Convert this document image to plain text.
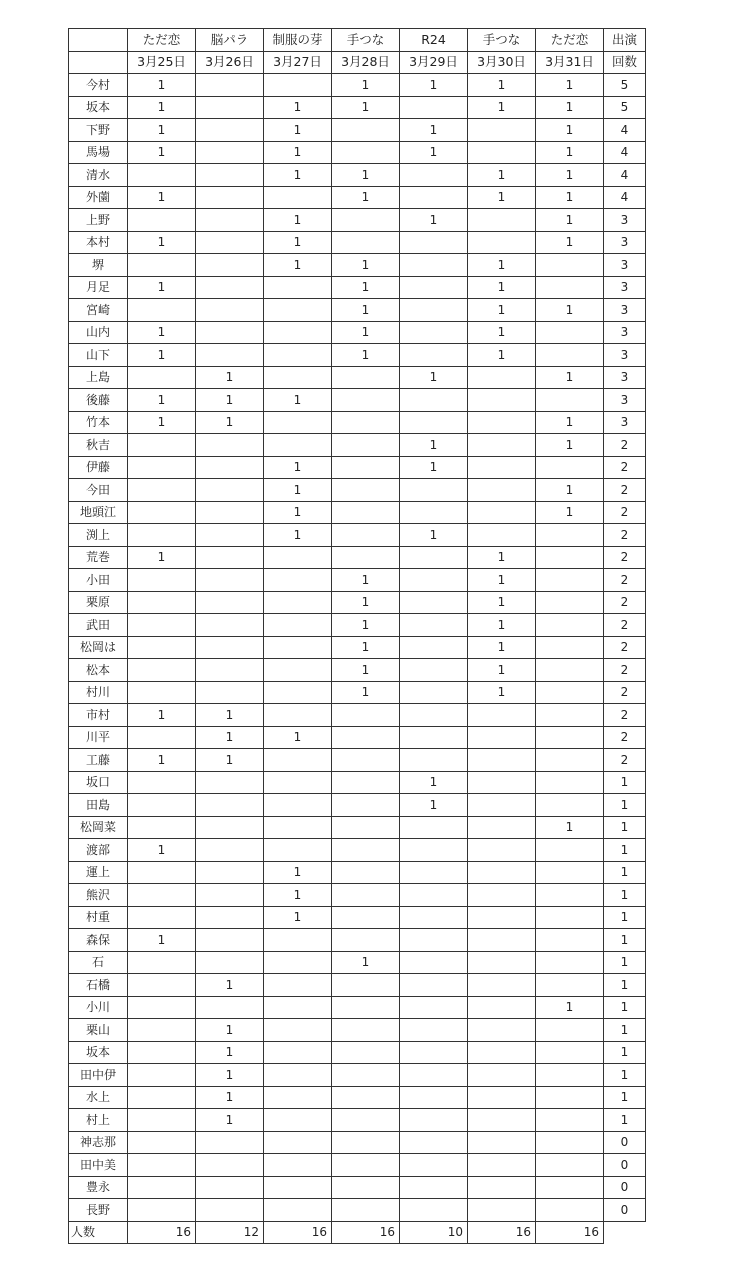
	ただ恋	脳パラ	制服の芽	手つな	R24	手つな	ただ恋	出演
	3月25日	3月26日	3月27日	3月28日	3月29日	3月30日	3月31日	回数
今村	1			1	1	1	1	5
坂本	1		1	1		1	1	5
下野	1		1		1		1	4
馬場	1		1		1		1	4
清水			1	1		1	1	4
外薗	1			1		1	1	4
上野			1		1		1	3
本村	1		1				1	3
堺			1	1		1		3
月足	1			1		1		3
宮崎				1		1	1	3
山内	1			1		1		3
山下	1			1		1		3
上島		1			1		1	3
後藤	1	1	1					3
竹本	1	1					1	3
秋吉					1		1	2
伊藤			1		1			2
今田			1				1	2
地頭江			1				1	2
渕上			1		1			2
荒巻	1					1		2
小田				1		1		2
栗原				1		1		2
武田				1		1		2
松岡は				1		1		2
松本				1		1		2
村川				1		1		2
市村	1	1						2
川平		1	1					2
工藤	1	1						2
坂口					1			1
田島					1			1
松岡菜							1	1
渡部	1							1
運上			1					1
熊沢			1					1
村重			1					1
森保	1							1
石				1				1
石橋		1						1
小川							1	1
栗山		1						1
坂本		1						1
田中伊		1						1
水上		1						1
村上		1						1
神志那								0
田中美								0
豊永								0
長野								0
人数	16	12	16	16	10	16	16	
